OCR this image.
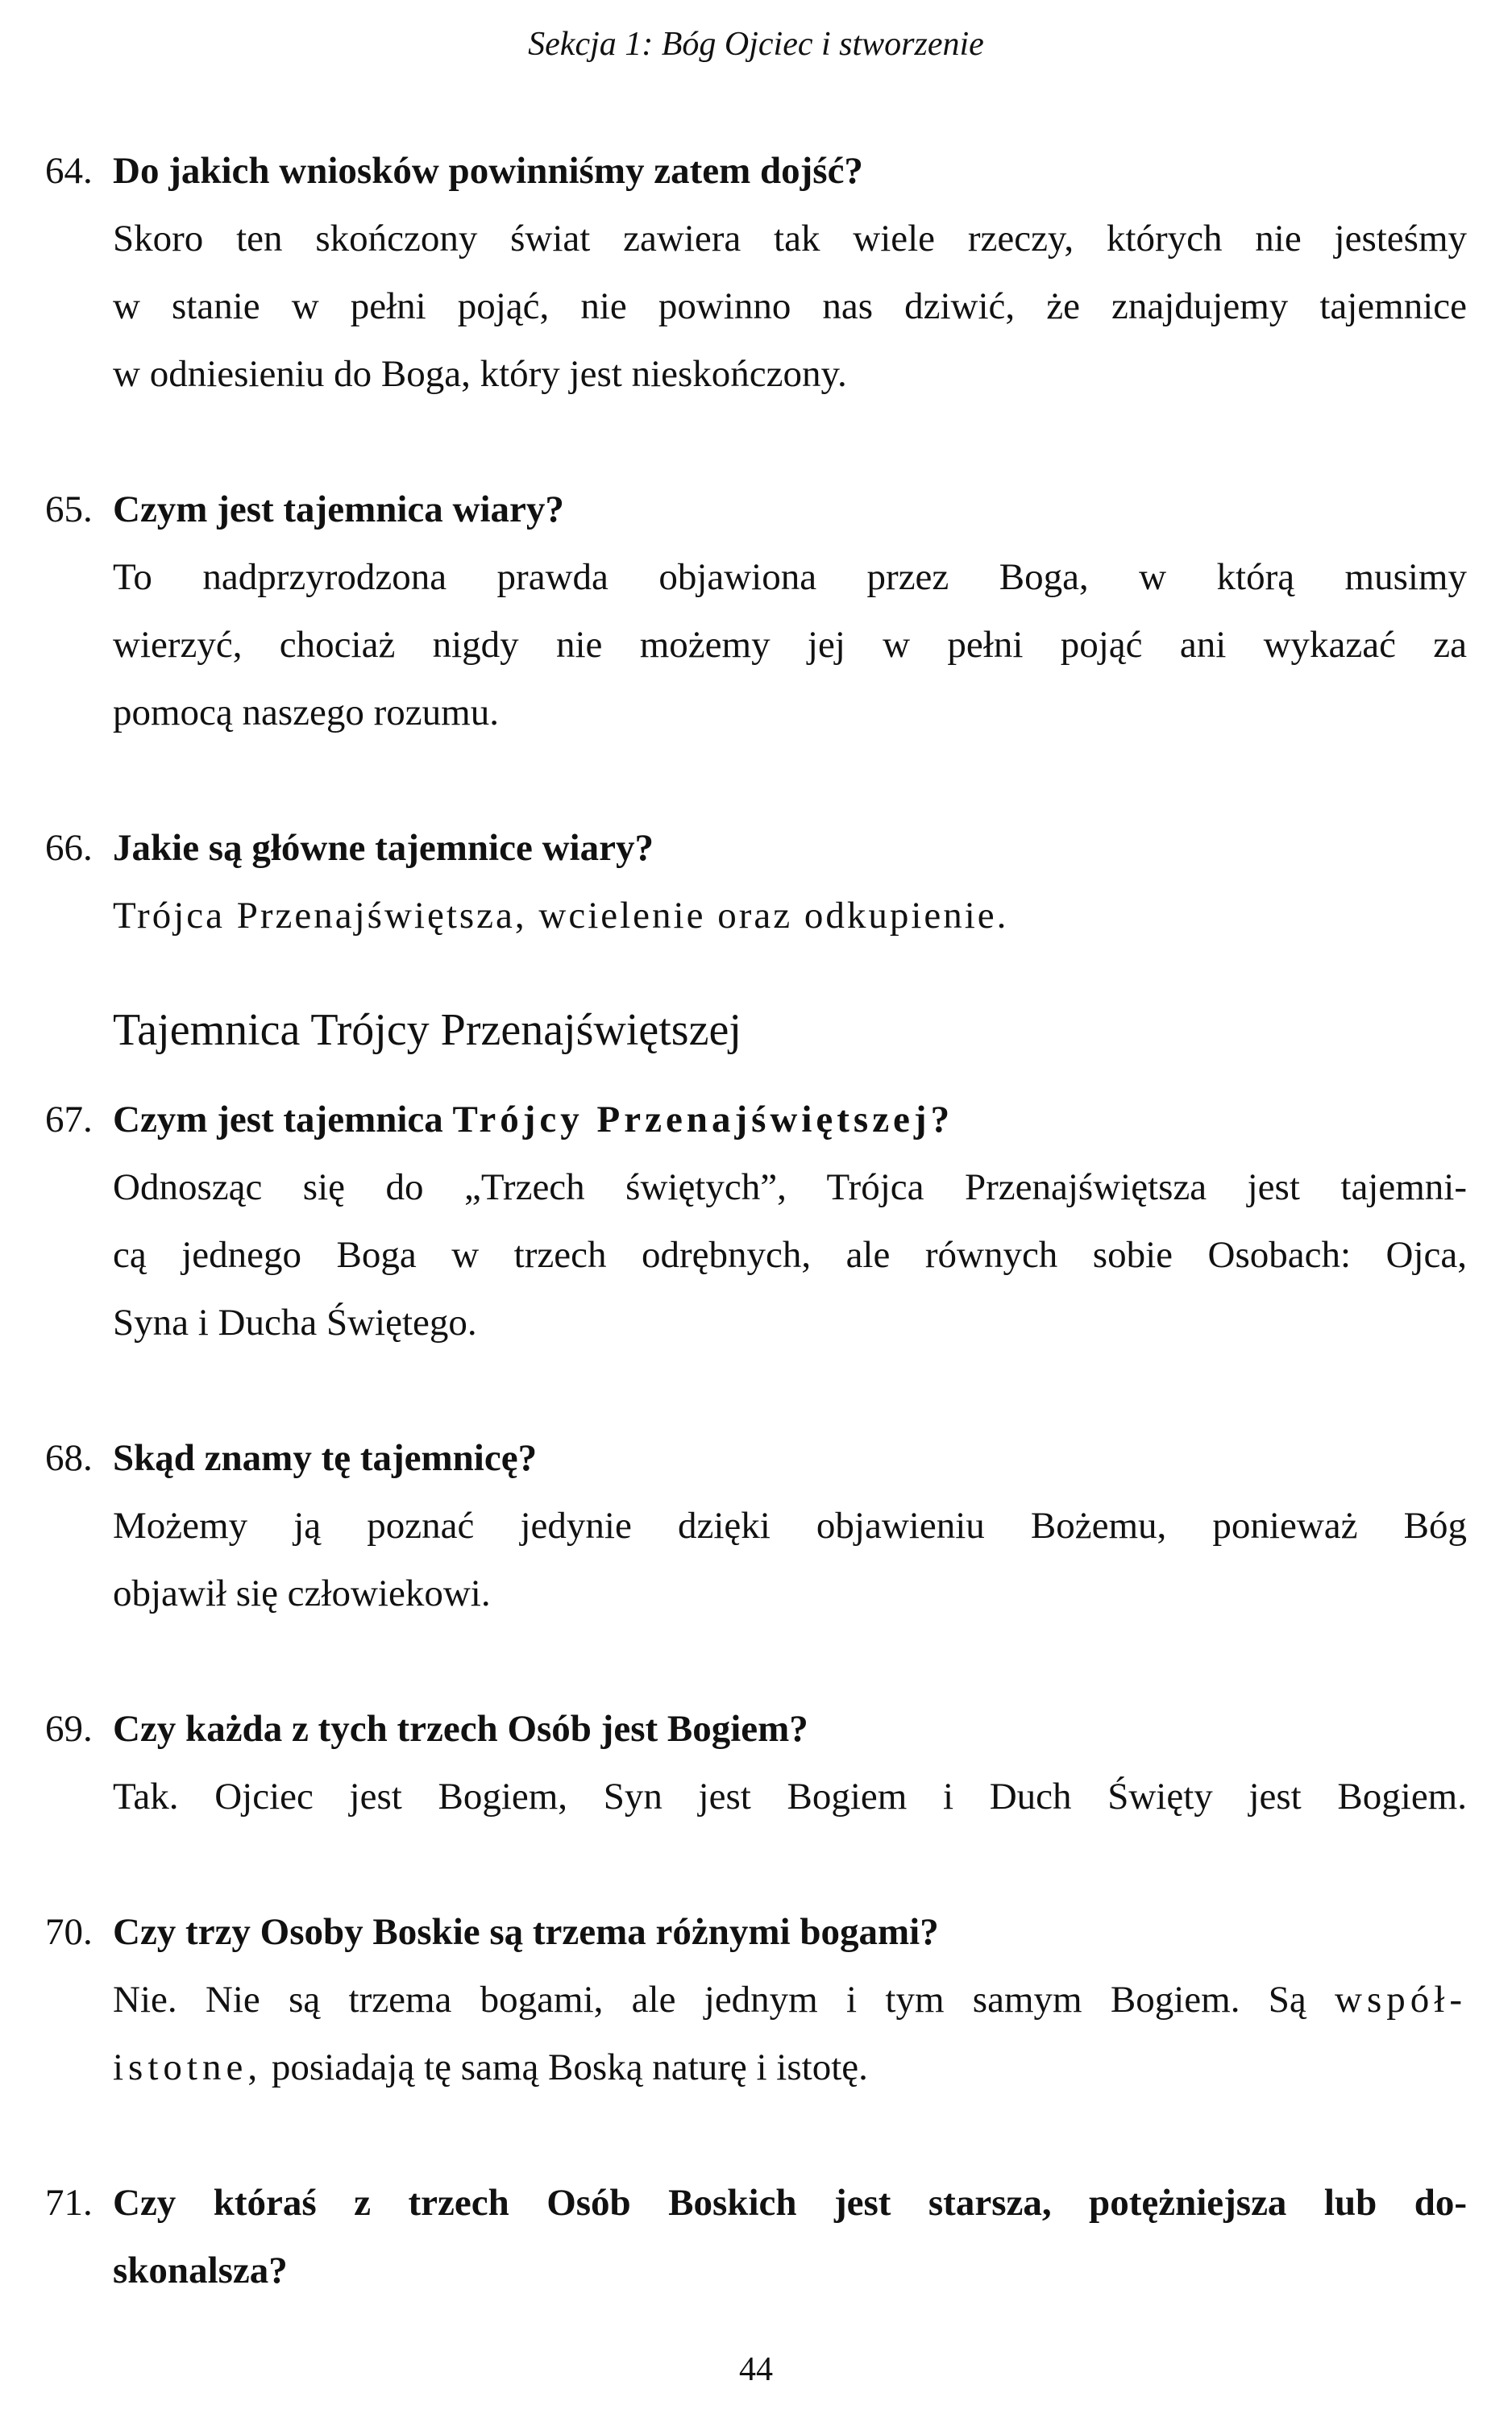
Sekcja 1: Bóg Ojciec i stworzenie
64. Do jakich wniosków powinniśmy zatem dojść?

Skoro ten skończony świat zawiera tak wiele rzeczy, których nie jesteśmy
w stanie w pełni pojąć, nie powinno nas dziwić, że znajdujemy tajemnice
w odniesieniu do Boga, który jest nieskończony.

65. Czym jest tajemnica wiary?

To nadprzyrodzona prawda objawiona przez Boga, w którą musimy
wierzyć, chociaż nigdy nie możemy jej w pełni pojąć ani wykazać za
pomocą naszego rozumu.

66. Jakie są główne tajemnice wiary?

Trójca Przenajświętsza, wcielenie oraz odkupienie.

Tajemnica Trójcy Przenajświętszej
67. Czym jest tajemnica Trójcy Przenajświętszej?

Odnosząc się do „Trzech świętych”, Trójca Przenajświętsza jest tajemni-
cą jednego Boga w trzech odrębnych, ale równych sobie Osobach: Ojca,
Syna i Ducha Świętego.

68. Skąd znamy tę tajemnicę?

Możemy ją poznać jedynie dzięki objawieniu Bożemu, ponieważ Bóg
objawił się człowiekowi.

69. Czy każda z tych trzech Osób jest Bogiem?

Tak. Ojciec jest Bogiem, Syn jest Bogiem i Duch Święty jest Bogiem.

70. Czy trzy Osoby Boskie są trzema różnymi bogami?

Nie. Nie są trzema bogami, ale jednym i tym samym Bogiem. Są współ-
istotne, posiadają tę samą Boską naturę i istotę.

71. Czy któraś z trzech Osób Boskich jest starsza, potężniejsza lub do-
skonalsza?
44
